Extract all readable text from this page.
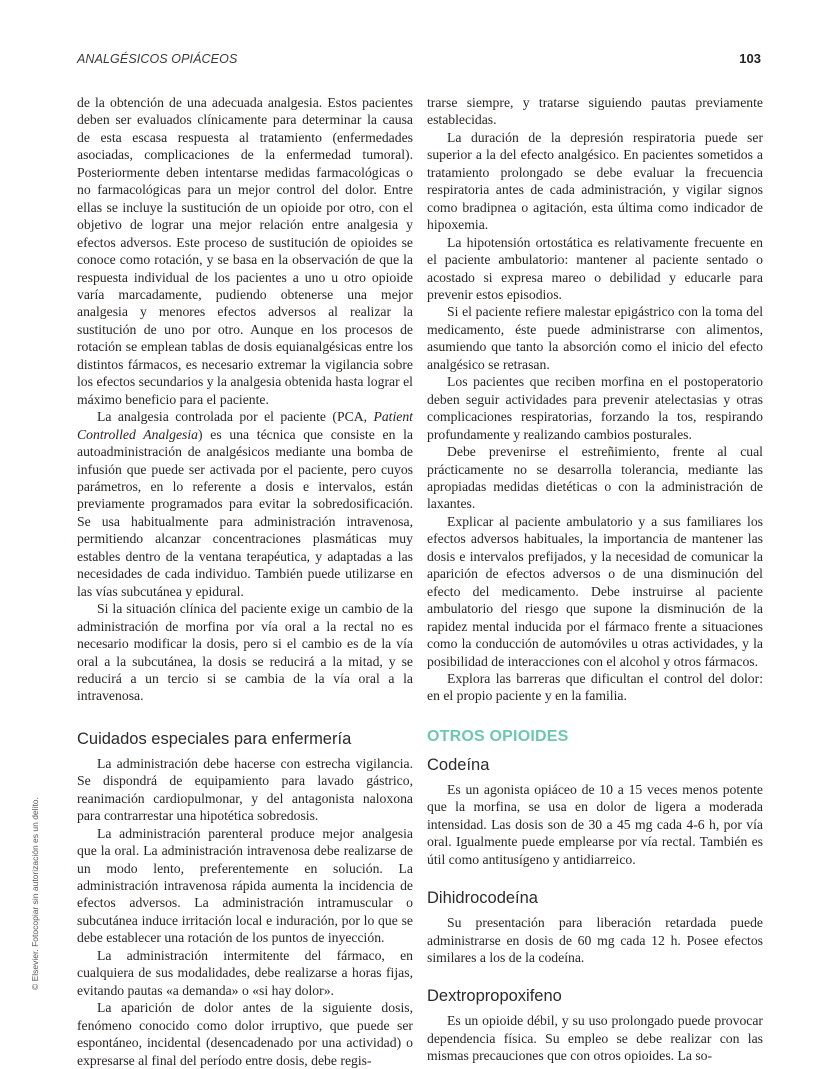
ANALGÉSICOS OPIÁCEOS	103
© Elsevier. Fotocopiar sin autorización es un delito.

de la obtención de una adecuada analgesia. Estos pacientes deben ser evaluados clínicamente para determinar la causa de esta escasa respuesta al tratamiento (enfermedades asociadas, complicaciones de la enfermedad tumoral). Posteriormente deben intentarse medidas farmacológicas o no farmacológicas para un mejor control del dolor. Entre ellas se incluye la sustitución de un opioide por otro, con el objetivo de lograr una mejor relación entre analgesia y efectos adversos. Este proceso de sustitución de opioides se conoce como rotación, y se basa en la observación de que la respuesta individual de los pacientes a uno u otro opioide varía marcadamente, pudiendo obtenerse una mejor analgesia y menores efectos adversos al realizar la sustitución de uno por otro. Aunque en los procesos de rotación se emplean tablas de dosis equianalgésicas entre los distintos fármacos, es necesario extremar la vigilancia sobre los efectos secundarios y la analgesia obtenida hasta lograr el máximo beneficio para el paciente.

La analgesia controlada por el paciente (PCA, Patient Controlled Analgesia) es una técnica que consiste en la autoadministración de analgésicos mediante una bomba de infusión que puede ser activada por el paciente, pero cuyos parámetros, en lo referente a dosis e intervalos, están previamente programados para evitar la sobredosificación. Se usa habitualmente para administración intravenosa, permitiendo alcanzar concentraciones plasmáticas muy estables dentro de la ventana terapéutica, y adaptadas a las necesidades de cada individuo. También puede utilizarse en las vías subcutánea y epidural.

Si la situación clínica del paciente exige un cambio de la administración de morfina por vía oral a la rectal no es necesario modificar la dosis, pero si el cambio es de la vía oral a la subcutánea, la dosis se reducirá a la mitad, y se reducirá a un tercio si se cambia de la vía oral a la intravenosa.

Cuidados especiales para enfermería

La administración debe hacerse con estrecha vigilancia. Se dispondrá de equipamiento para lavado gástrico, reanimación cardiopulmonar, y del antagonista naloxona para contrarrestar una hipotética sobredosis.

La administración parenteral produce mejor analgesia que la oral. La administración intravenosa debe realizarse de un modo lento, preferentemente en solución. La administración intravenosa rápida aumenta la incidencia de efectos adversos. La administración intramuscular o subcutánea induce irritación local e induración, por lo que se debe establecer una rotación de los puntos de inyección.

La administración intermitente del fármaco, en cualquiera de sus modalidades, debe realizarse a horas fijas, evitando pautas «a demanda» o «si hay dolor».

La aparición de dolor antes de la siguiente dosis, fenómeno conocido como dolor irruptivo, que puede ser espontáneo, incidental (desencadenado por una actividad) o expresarse al final del período entre dosis, debe regis-

trarse siempre, y tratarse siguiendo pautas previamente establecidas.

La duración de la depresión respiratoria puede ser superior a la del efecto analgésico. En pacientes sometidos a tratamiento prolongado se debe evaluar la frecuencia respiratoria antes de cada administración, y vigilar signos como bradipnea o agitación, esta última como indicador de hipoxemia.

La hipotensión ortostática es relativamente frecuente en el paciente ambulatorio: mantener al paciente sentado o acostado si expresa mareo o debilidad y educarle para prevenir estos episodios.

Si el paciente refiere malestar epigástrico con la toma del medicamento, éste puede administrarse con alimentos, asumiendo que tanto la absorción como el inicio del efecto analgésico se retrasan.

Los pacientes que reciben morfina en el postoperatorio deben seguir actividades para prevenir atelectasias y otras complicaciones respiratorias, forzando la tos, respirando profundamente y realizando cambios posturales.

Debe prevenirse el estreñimiento, frente al cual prácticamente no se desarrolla tolerancia, mediante las apropiadas medidas dietéticas o con la administración de laxantes.

Explicar al paciente ambulatorio y a sus familiares los efectos adversos habituales, la importancia de mantener las dosis e intervalos prefijados, y la necesidad de comunicar la aparición de efectos adversos o de una disminución del efecto del medicamento. Debe instruirse al paciente ambulatorio del riesgo que supone la disminución de la rapidez mental inducida por el fármaco frente a situaciones como la conducción de automóviles u otras actividades, y la posibilidad de interacciones con el alcohol y otros fármacos.

Explora las barreras que dificultan el control del dolor: en el propio paciente y en la familia.

OTROS OPIOIDES
Codeína

Es un agonista opiáceo de 10 a 15 veces menos potente que la morfina, se usa en dolor de ligera a moderada intensidad. Las dosis son de 30 a 45 mg cada 4-6 h, por vía oral. Igualmente puede emplearse por vía rectal. También es útil como antitusígeno y antidiarreico.

Dihidrocodeína

Su presentación para liberación retardada puede administrarse en dosis de 60 mg cada 12 h. Posee efectos similares a los de la codeína.

Dextropropoxifeno

Es un opioide débil, y su uso prolongado puede provocar dependencia física. Su empleo se debe realizar con las mismas precauciones que con otros opioides. La so-
